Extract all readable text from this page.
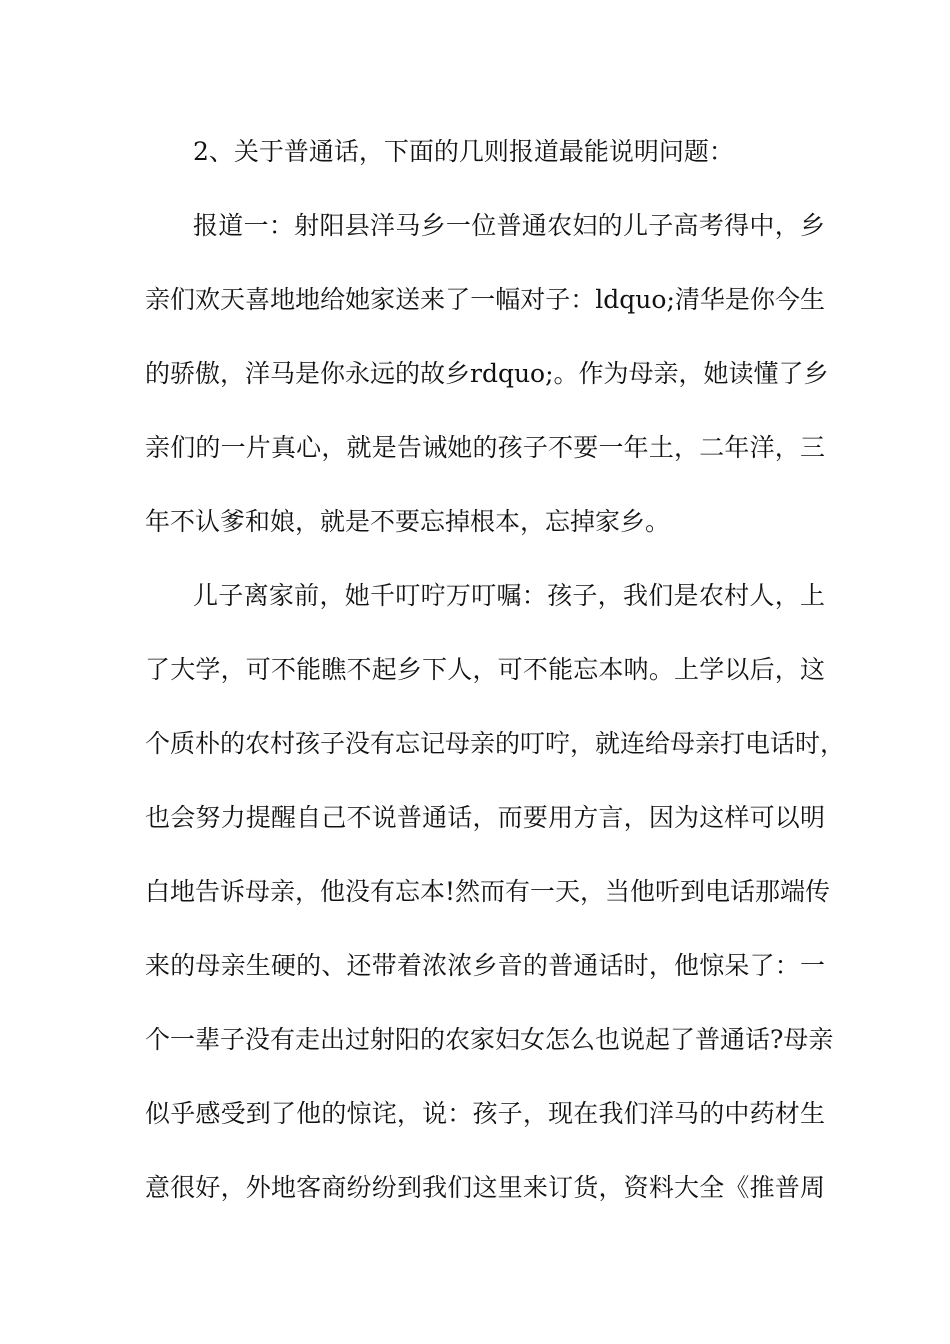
2、关于普通话，下面的几则报道最能说明问题：
报道一：射阳县洋马乡一位普通农妇的儿子高考得中，乡
亲们欢天喜地地给她家送来了一幅对子：ldquo;清华是你今生
的骄傲，洋马是你永远的故乡rdquo;。作为母亲，她读懂了乡
亲们的一片真心，就是告诫她的孩子不要一年土，二年洋，三
年不认爹和娘，就是不要忘掉根本，忘掉家乡。
儿子离家前，她千叮咛万叮嘱：孩子，我们是农村人，上
了大学，可不能瞧不起乡下人，可不能忘本呐。上学以后，这
个质朴的农村孩子没有忘记母亲的叮咛，就连给母亲打电话时，
也会努力提醒自己不说普通话，而要用方言，因为这样可以明
白地告诉母亲，他没有忘本!然而有一天，当他听到电话那端传
来的母亲生硬的、还带着浓浓乡音的普通话时，他惊呆了：一
个一辈子没有走出过射阳的农家妇女怎么也说起了普通话?母亲
似乎感受到了他的惊诧，说：孩子，现在我们洋马的中药材生
意很好，外地客商纷纷到我们这里来订货，资料大全《推普周
